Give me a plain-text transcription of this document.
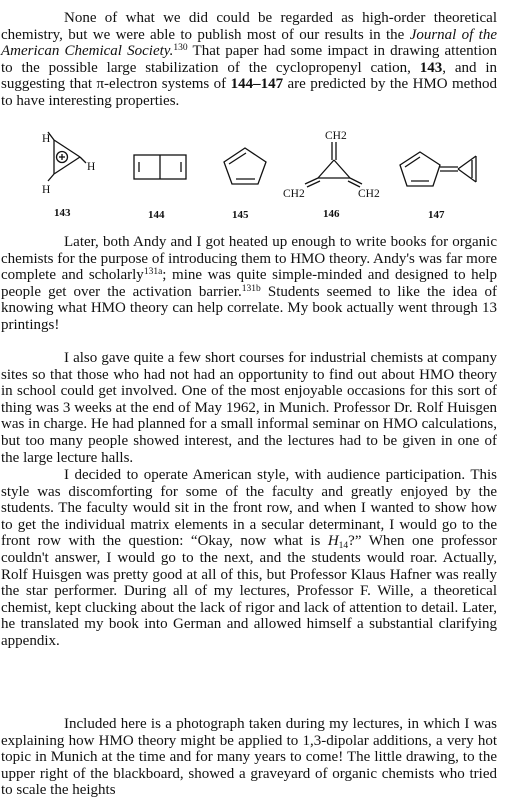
None of what we did could be regarded as high-order theoretical chemistry, but we were able to publish most of our results in the Journal of the American Chemical Society.$^{130}$ That paper had some impact in drawing attention to the possible large stabilization of the cyclopropenyl cation, 143, and in suggesting that π-electron systems of 144–147 are predicted by the HMO method to have interesting properties.

H
H
H
143	144	145
CH2
CH2	CH2
146	147

Later, both Andy and I got heated up enough to write books for organic chemists for the purpose of introducing them to HMO theory. Andy's was far more complete and scholarly$^{131a}$; mine was quite simple-minded and designed to help people get over the activation barrier.$^{131b}$ Students seemed to like the idea of knowing what HMO theory can help correlate. My book actually went through 13 printings!

I also gave quite a few short courses for industrial chemists at company sites so that those who had not had an opportunity to find out about HMO theory in school could get involved. One of the most enjoyable occasions for this sort of thing was 3 weeks at the end of May 1962, in Munich. Professor Dr. Rolf Huisgen was in charge. He had planned for a small informal seminar on HMO calculations, but too many people showed interest, and the lectures had to be given in one of the large lecture halls.

I decided to operate American style, with audience participation. This style was discomforting for some of the faculty and greatly enjoyed by the students. The faculty would sit in the front row, and when I wanted to show how to get the individual matrix elements in a secular determinant, I would go to the front row with the question: “Okay, now what is $H_{14}$?” When one professor couldn't answer, I would go to the next, and the students would roar. Actually, Rolf Huisgen was pretty good at all of this, but Professor Klaus Hafner was really the star performer. During all of my lectures, Professor F. Wille, a theoretical chemist, kept clucking about the lack of rigor and lack of attention to detail. Later, he translated my book into German and allowed himself a substantial clarifying appendix.

Included here is a photograph taken during my lectures, in which I was explaining how HMO theory might be applied to 1,3-dipolar additions, a very hot topic in Munich at the time and for many years to come! The little drawing, to the upper right of the blackboard, showed a graveyard of organic chemists who tried to scale the heights
